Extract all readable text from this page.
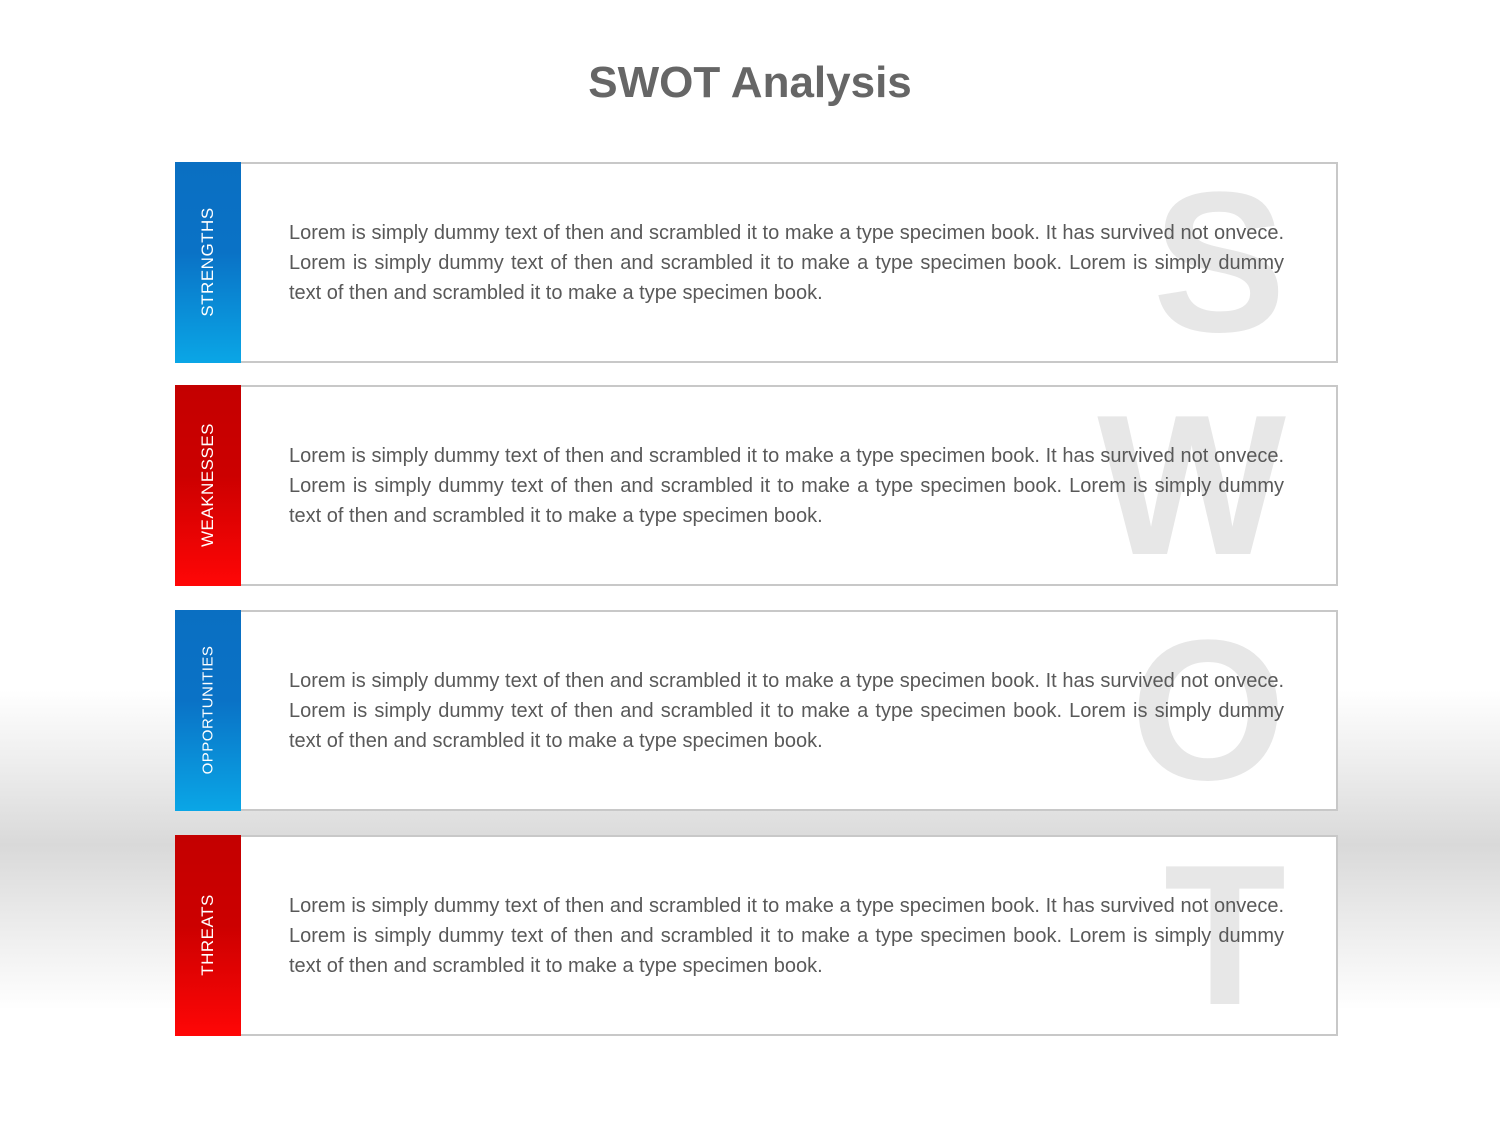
SWOT Analysis
STRENGTHS	S
Lorem is simply dummy text of then and scrambled it to make a type specimen book. It has survived not onvece. Lorem is simply dummy text of then and scrambled it to make a type specimen book. Lorem is simply dummy text of then and scrambled it to make a type specimen book.
WEAKNESSES	W
Lorem is simply dummy text of then and scrambled it to make a type specimen book. It has survived not onvece. Lorem is simply dummy text of then and scrambled it to make a type specimen book. Lorem is simply dummy text of then and scrambled it to make a type specimen book.
OPPORTUNITIES	O
Lorem is simply dummy text of then and scrambled it to make a type specimen book. It has survived not onvece. Lorem is simply dummy text of then and scrambled it to make a type specimen book. Lorem is simply dummy text of then and scrambled it to make a type specimen book.
THREATS	T
Lorem is simply dummy text of then and scrambled it to make a type specimen book. It has survived not onvece. Lorem is simply dummy text of then and scrambled it to make a type specimen book. Lorem is simply dummy text of then and scrambled it to make a type specimen book.
